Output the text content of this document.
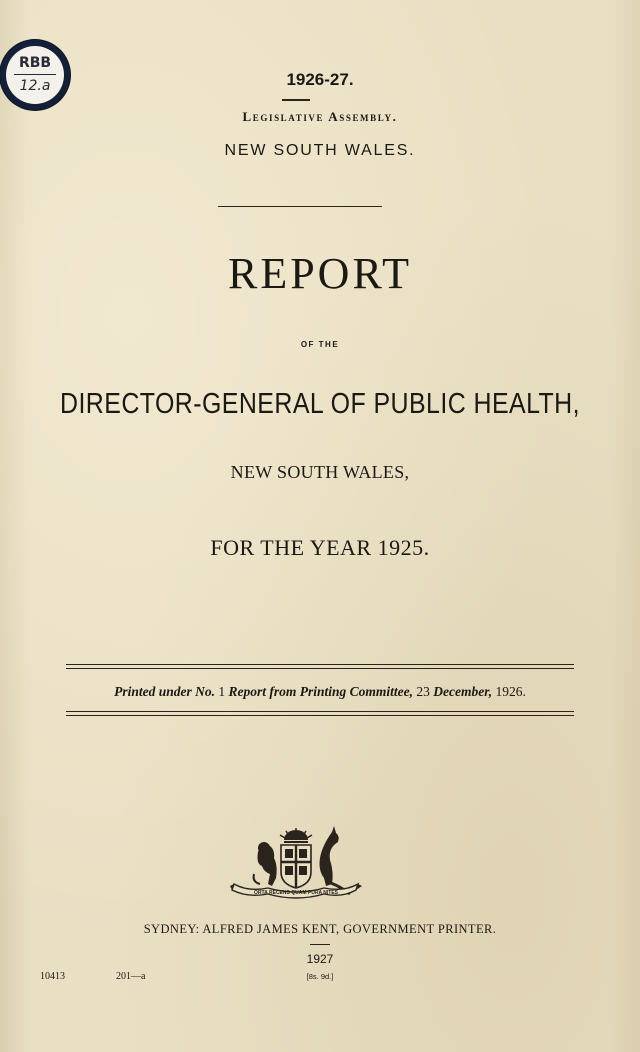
RBB
12.a	1926-27.
Legislative Assembly.
NEW SOUTH WALES.
REPORT
OF THE
DIRECTOR-GENERAL OF PUBLIC HEALTH,
NEW SOUTH WALES,
FOR THE YEAR 1925.
Printed under No. 1 Report from Printing Committee, 23 December, 1926.
ORTA RECENS QUAM PURA NITES
SYDNEY: ALFRED JAMES KENT, GOVERNMENT PRINTER.
1927
[8s. 9d.]
10413	201—a
